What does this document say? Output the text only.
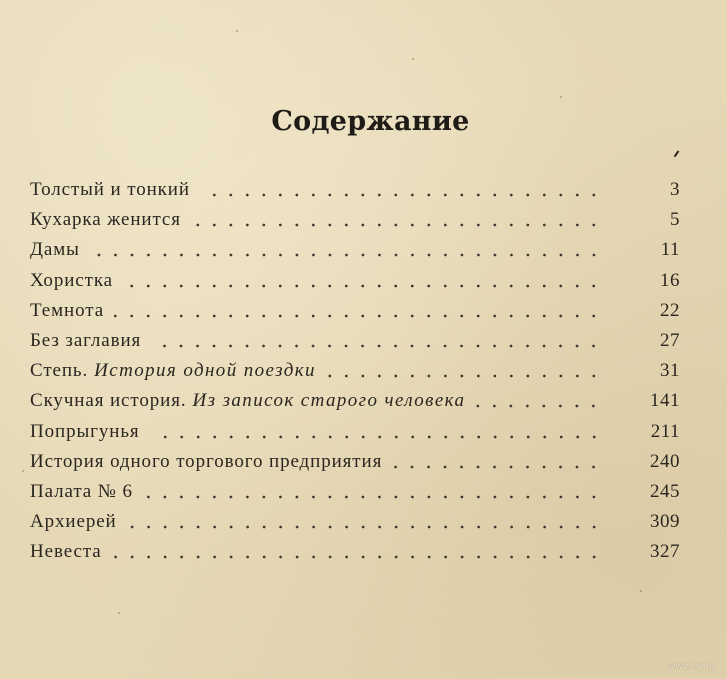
Содержание
Толстый и тонкий	3
Кухарка женится	5
Дамы	11
Хористка	16
Темнота	22
Без заглавия	27
Степь. История одной поездки	31
Скучная история. Из записок старого человека	141
Попрыгунья	211
История одного торгового предприятия	240
Палата № 6	245
Архиерей	309
Невеста	327
www.ay.by
